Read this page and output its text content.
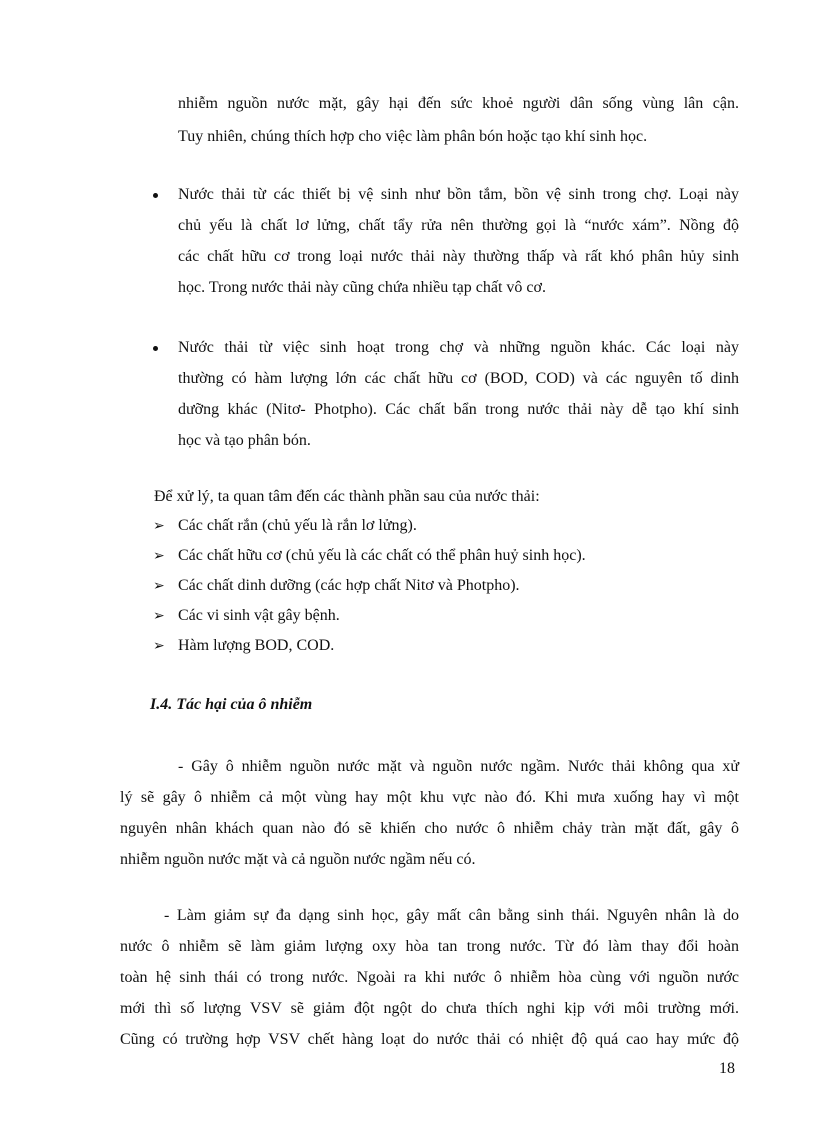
nhiễm nguồn nước mặt, gây hại đến sức khoẻ người dân sống vùng lân cận.
Tuy nhiên, chúng thích hợp cho việc làm phân bón hoặc tạo khí sinh học.
Nước thải từ các thiết bị vệ sinh như bồn tắm, bồn vệ sinh trong chợ. Loại này
chủ yếu là chất lơ lửng, chất tẩy rửa nên thường gọi là “nước xám”. Nồng độ
các chất hữu cơ trong loại nước thải này thường thấp và rất khó phân hủy sinh
học. Trong nước thải này cũng chứa nhiều tạp chất vô cơ.
Nước thải từ việc sinh hoạt trong chợ và những nguồn khác. Các loại này
thường có hàm lượng lớn các chất hữu cơ (BOD, COD) và các nguyên tố dinh
dưỡng khác (Nitơ- Photpho). Các chất bẩn trong nước thải này dễ tạo khí sinh
học và tạo phân bón.
Để xử lý, ta quan tâm đến các thành phần sau của nước thải:
➢ Các chất rắn (chủ yếu là rắn lơ lửng).
➢ Các chất hữu cơ (chủ yếu là các chất có thể phân huỷ sinh học).
➢ Các chất dinh dưỡng (các hợp chất Nitơ và Photpho).
➢ Các vi sinh vật gây bệnh.
➢ Hàm lượng BOD, COD.
I.4. Tác hại của ô nhiễm
- Gây ô nhiễm nguồn nước mặt và nguồn nước ngầm. Nước thải không qua xử
lý sẽ gây ô nhiễm cả một vùng hay một khu vực nào đó. Khi mưa xuống hay vì một
nguyên nhân khách quan nào đó sẽ khiến cho nước ô nhiễm chảy tràn mặt đất, gây ô
nhiễm nguồn nước mặt và cả nguồn nước ngầm nếu có.
- Làm giảm sự đa dạng sinh học, gây mất cân bằng sinh thái. Nguyên nhân là do
nước ô nhiễm sẽ làm giảm lượng oxy hòa tan trong nước. Từ đó làm thay đổi hoàn
toàn hệ sinh thái có trong nước. Ngoài ra khi nước ô nhiễm hòa cùng với nguồn nước
mới thì số lượng VSV sẽ giảm đột ngột do chưa thích nghi kịp với môi trường mới.
Cũng có trường hợp VSV chết hàng loạt do nước thải có nhiệt độ quá cao hay mức độ
18
